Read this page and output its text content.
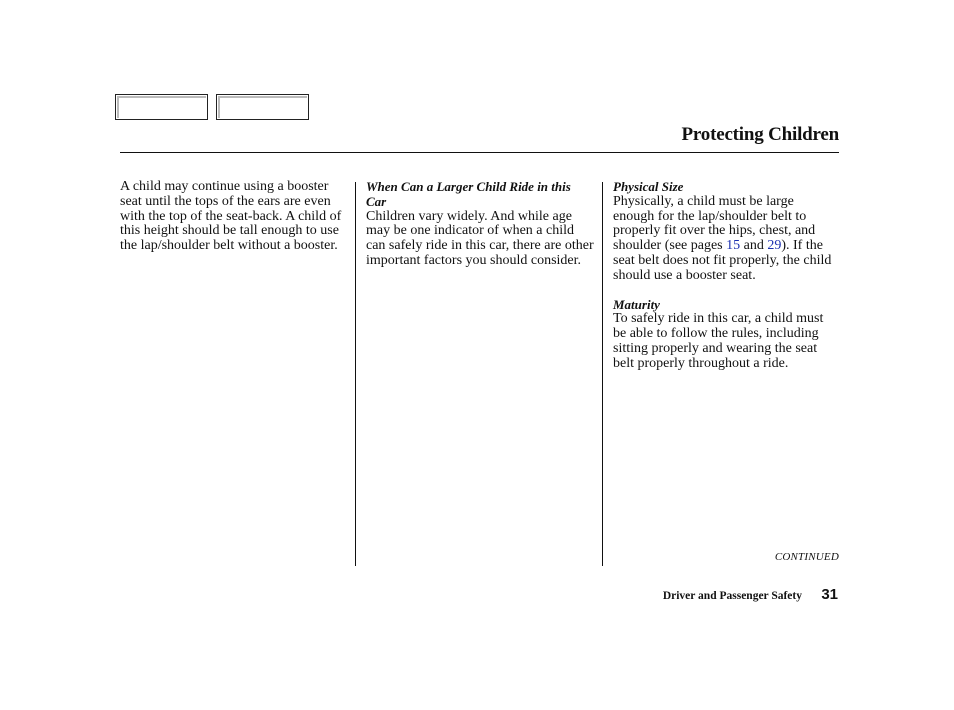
Protecting Children

A child may continue using a booster seat until the tops of the ears are even with the top of the seat-back. A child of this height should be tall enough to use the lap/shoulder belt without a booster.

When Can a Larger Child Ride in this Car

Children vary widely. And while age may be one indicator of when a child can safely ride in this car, there are other important factors you should consider.

Physical Size

Physically, a child must be large enough for the lap/shoulder belt to properly fit over the hips, chest, and shoulder (see pages 15 and 29). If the seat belt does not fit properly, the child should use a booster seat.

Maturity

To safely ride in this car, a child must be able to follow the rules, including sitting properly and wearing the seat belt properly throughout a ride.

CONTINUED
Driver and Passenger Safety 31
